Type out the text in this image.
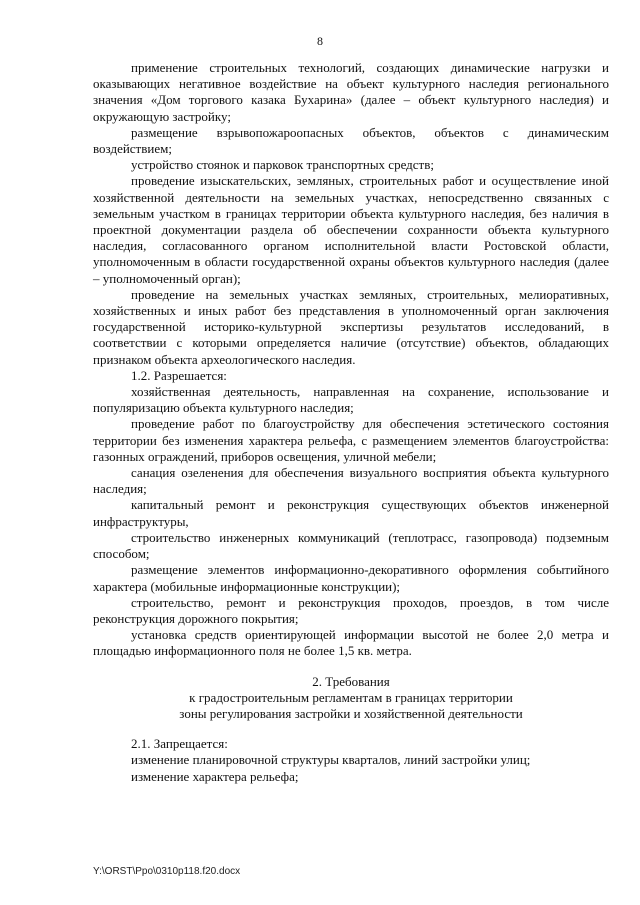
8

применение строительных технологий, создающих динамические нагрузки и оказывающих негативное воздействие на объект культурного наследия регионального значения «Дом торгового казака Бухарина» (далее – объект культурного наследия) и окружающую застройку;

размещение взрывопожароопасных объектов, объектов с динамическим воздействием;

устройство стоянок и парковок транспортных средств;

проведение изыскательских, земляных, строительных работ и осуществление иной хозяйственной деятельности на земельных участках, непосредственно связанных с земельным участком в границах территории объекта культурного наследия, без наличия в проектной документации раздела об обеспечении сохранности объекта культурного наследия, согласованного органом исполнительной власти Ростовской области, уполномоченным в области государственной охраны объектов культурного наследия (далее – уполномоченный орган);

проведение на земельных участках земляных, строительных, мелиоративных, хозяйственных и иных работ без представления в уполномоченный орган заключения государственной историко-культурной экспертизы результатов исследований, в соответствии с которыми определяется наличие (отсутствие) объектов, обладающих признаком объекта археологического наследия.

1.2. Разрешается:

хозяйственная деятельность, направленная на сохранение, использование и популяризацию объекта культурного наследия;

проведение работ по благоустройству для обеспечения эстетического состояния территории без изменения характера рельефа, с размещением элементов благоустройства: газонных ограждений, приборов освещения, уличной мебели;

санация озеленения для обеспечения визуального восприятия объекта культурного наследия;

капитальный ремонт и реконструкция существующих объектов инженерной инфраструктуры,

строительство инженерных коммуникаций (теплотрасс, газопровода) подземным способом;

размещение элементов информационно-декоративного оформления событийного характера (мобильные информационные конструкции);

строительство, ремонт и реконструкция проходов, проездов, в том числе реконструкция дорожного покрытия;

установка средств ориентирующей информации высотой не более 2,0 метра и площадью информационного поля не более 1,5 кв. метра.

2. Требования

к градостроительным регламентам в границах территории

зоны регулирования застройки и хозяйственной деятельности

2.1. Запрещается:

изменение планировочной структуры кварталов, линий застройки улиц;

изменение характера рельефа;

Y:\ORST\Ppo\0310p118.f20.docx
